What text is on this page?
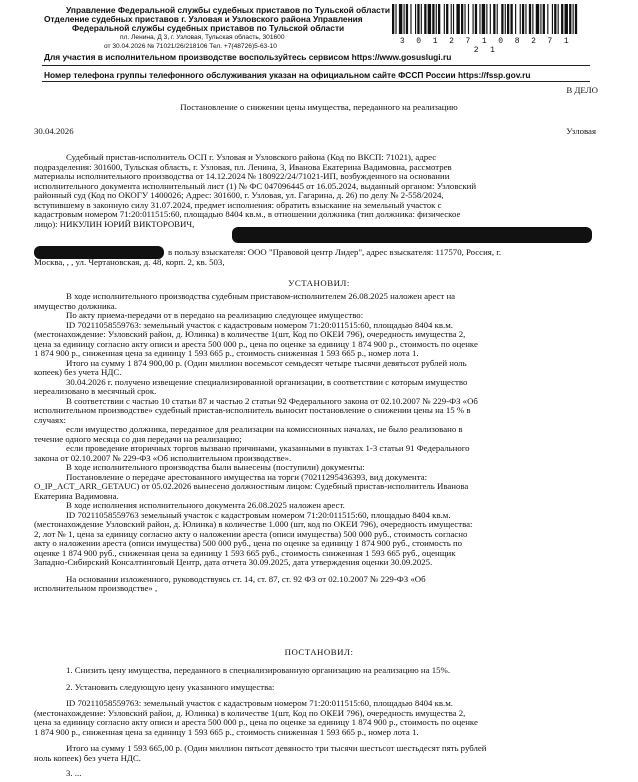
Управление Федеральной службы судебных приставов по Тульской области
Отделение судебных приставов г. Узловая и Узловского района Управления
Федеральной службы судебных приставов по Тульской области
пл. Ленина, Д 3, г. Узловая, Тульская область, 301600
от 30.04.2026 № 71021/26/218106 Тел. +7(48726)5-63-10
Для участия в исполнительном производстве воспользуйтесь сервисом https://www.gosuslugi.ru
Номер телефона группы телефонного обслуживания указан на официальном сайте ФССП России https://fssp.gov.ru
3 0 1 2 7 1 0 8 2 7 1 2 1
В ДЕЛО
Постановление о снижении цены имущества, переданного на реализацию
30.04.2026	Узловая
Судебный пристав-исполнитель ОСП г. Узловая и Узловского района (Код по ВКСП: 71021), адрес
подразделения: 301600, Тульская область, г. Узловая, пл. Ленина, 3, Иванова Екатерина Вадимовна, рассмотрев
материалы исполнительного производства от 14.12.2024 № 180922/24/71021-ИП, возбужденного на основании
исполнительного документа исполнительный лист (1) № ФС 047096445 от 16.05.2024, выданный органом: Узловский
районный суд (Код по ОКОГУ 1400026; Адрес: 301600, г. Узловая, ул. Гагарина, д. 26) по делу № 2-558/2024,
вступившему в законную силу 31.07.2024, предмет исполнения: обратить взыскание на земельный участок с
кадастровым номером 71:20:011515:60, площадью 8404 кв.м., в отношении должника (тип должника: физическое
лицо): НИКУЛИН ЮРИЙ ВИКТОРОВИЧ,
в пользу взыскателя: ООО "Правовой центр Лидер", адрес взыскателя: 117570, Россия, г.
Москва, , , ул. Чертановская, д. 48, корп. 2, кв. 503,
УСТАНОВИЛ:
В ходе исполнительного производства судебным приставом-исполнителем 26.08.2025 наложен арест на
имущество должника.
По акту приема-передачи от в передано на реализацию следующее имущество:
ID 70211058559763: земельный участок с кадастровым номером 71:20:011515:60, площадью 8404 кв.м.
(местонахождение: Узловский район, д. Юлинка) в количестве 1(шт, Код по ОКЕИ 796), очередность имущества 2,
цена за единицу согласно акту описи и ареста 500 000 р., цена по оценке за единицу 1 874 900 р., стоимость по оценке
1 874 900 р., сниженная цена за единицу 1 593 665 р., стоимость сниженная 1 593 665 р., номер лота 1.
Итого на сумму 1 874 900,00 р. (Один миллион восемьсот семьдесят четыре тысячи девятьсот рублей ноль
копеек) без учета НДС.
30.04.2026 г. получено извещение специализированной организации, в соответствии с которым имущество
нереализовано в месячный срок.
В соответствии с частью 10 статьи 87 и частью 2 статьи 92 Федерального закона от 02.10.2007 № 229-ФЗ «Об
исполнительном производстве» судебный пристав-исполнитель выносит постановление о снижении цены на 15 % в
случаях:
если имущество должника, переданное для реализации на комиссионных началах, не было реализовано в
течение одного месяца со дня передачи на реализацию;
если проведение вторичных торгов вызвано причинами, указанными в пунктах 1-3 статьи 91 Федерального
закона от 02.10.2007 № 229-ФЗ «Об исполнительном производстве».
В ходе исполнительного производства были вынесены (поступили) документы:
Постановление о передаче арестованного имущества на торги (70211295436393, вид документа:
O_IP_ACT_ARR_GETAUC) от 05.02.2026 вынесено должностным лицом: Судебный пристав-исполнитель Иванова
Екатерина Вадимовна.
В ходе исполнения исполнительного документа 26.08.2025 наложен арест.
ID 70211058559763 земельный участок с кадастровым номером 71:20:011515:60, площадью 8404 кв.м.
(местонахождение Узловский район, д. Юлинка) в количестве 1.000 (шт, код по ОКЕИ 796), очередность имущества:
2, лот № 1, цена за единицу согласно акту о наложении ареста (описи имущества) 500 000 руб., стоимость согласно
акту о наложении ареста (описи имущества) 500 000 руб., цена по оценке за единицу 1 874 900 руб., стоимость по
оценке 1 874 900 руб., сниженная цена за единицу 1 593 665 руб., стоимость сниженная 1 593 665 руб., оценщик
Западно-Сибирский Консалтинговый Центр, дата отчета 30.09.2025, дата утверждения оценки 30.09.2025.
На основании изложенного, руководствуясь ст. 14, ст. 87, ст. 92 ФЗ от 02.10.2007 № 229-ФЗ «Об
исполнительном производстве» ,
ПОСТАНОВИЛ:
1. Снизить цену имущества, переданного в специализированную организацию на реализацию на 15%.
2. Установить следующую цену указанного имущества:
ID 70211058559763: земельный участок с кадастровым номером 71:20:011515:60, площадью 8404 кв.м.
(местонахождение: Узловский район, д. Юлинка) в количестве 1(шт, Код по ОКЕИ 796), очередность имущества 2,
цена за единицу согласно акту описи и ареста 500 000 р., цена по оценке за единицу 1 874 900 р., стоимость по оценке
1 874 900 р., сниженная цена за единицу 1 593 665 р., стоимость сниженная 1 593 665 р., номер лота 1.
Итого на сумму 1 593 665,00 р. (Один миллион пятьсот девяносто три тысячи шестьсот шестьдесят пять рублей
ноль копеек) без учета НДС.
3. ...
